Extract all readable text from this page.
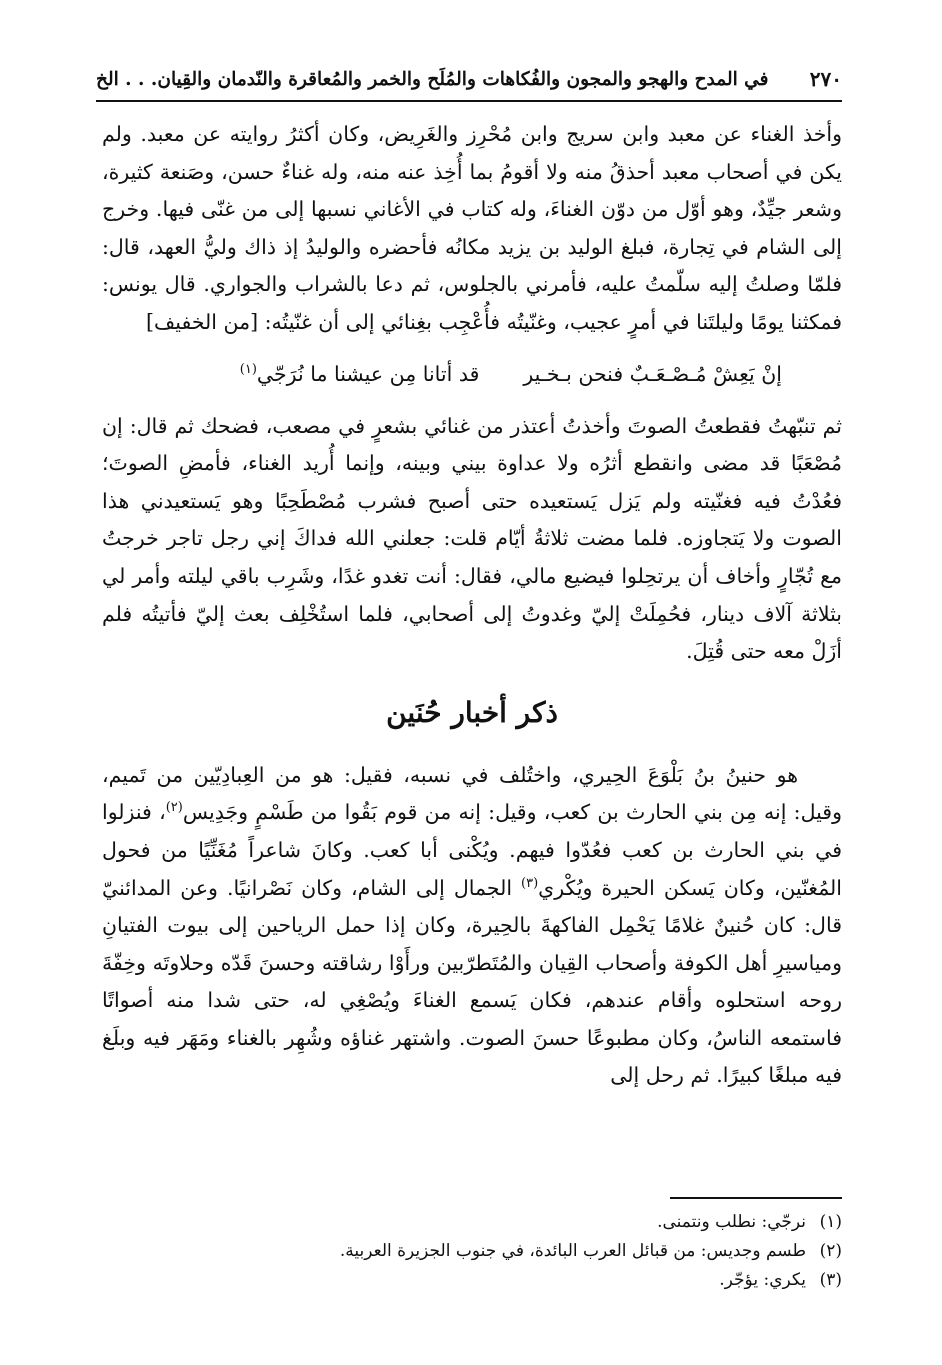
٢٧٠
في المدح والهجو والمجون والفُكاهات والمُلَح والخمر والمُعاقرة والنّدمان والقِيان. . . الخ

وأخذ الغناء عن معبد وابن سريج وابن مُحْرِز والغَرِيض، وكان أكثرُ روايته عن معبد. ولم يكن في أصحاب معبد أحذقُ منه ولا أقومُ بما أُخِذ عنه منه، وله غناءٌ حسن، وصَنعة كثيرة، وشعر جيِّدٌ، وهو أوّل من دوّن الغناءَ، وله كتاب في الأغاني نسبها إلى من غنّى فيها. وخرج إلى الشام في تِجارة، فبلغ الوليد بن يزيد مكانُه فأحضره والوليدُ إذ ذاك وليُّ العهد، قال: فلمّا وصلتُ إليه سلّمتُ عليه، فأمرني بالجلوس، ثم دعا بالشراب والجواري. قال يونس: فمكثنا يومًا وليلتَنا في أمرٍ عجيب، وغنّيتُه فأُعْجِب بغِنائي إلى أن غنّيتُه: [من الخفيف]

إنْ يَعِشْ مُـصْـعَـبٌ فنحن بـخـير
قد أتانا مِن عيشنا ما نُرَجّي$^{(١)}$

ثم تنبّهتُ فقطعتُ الصوتَ وأخذتُ أعتذر من غنائي بشعرٍ في مصعب، فضحك ثم قال: إن مُصْعَبًا قد مضى وانقطع أثرُه ولا عداوة بيني وبينه، وإنما أُريد الغناء، فأمضِ الصوتَ؛ فعُدْتُ فيه فغنّيته ولم يَزل يَستعيده حتى أصبح فشرب مُصْطَحِبًا وهو يَستعيدني هذا الصوت ولا يَتجاوزه. فلما مضت ثلاثةُ أيّام قلت: جعلني الله فداكَ إني رجل تاجر خرجتُ مع تُجّارٍ وأخاف أن يرتحِلوا فيضيع مالي، فقال: أنت تغدو غدًا، وشَرِب باقي ليلته وأمر لي بثلاثة آلاف دينار، فحُمِلَتْ إليّ وغدوتُ إلى أصحابي، فلما استُخْلِف بعث إليّ فأتيتُه فلم أزَلْ معه حتى قُتِلَ.

ذكر أخبار حُنَين

هو حنينُ بنُ بَلْوَعَ الحِيري، واختُلف في نسبه، فقيل: هو من العِبادِيّين من تَميم، وقيل: إنه مِن بني الحارث بن كعب، وقيل: إنه من قوم بَقُوا من طَسْمٍ وجَدِيس$^{(٢)}$، فنزلوا في بني الحارث بن كعب فعُدّوا فيهم. ويُكْنى أبا كعب. وكانَ شاعراً مُغَنِّيًا من فحول المُغنّين، وكان يَسكن الحيرة ويُكْري$^{(٣)}$ الجمال إلى الشام، وكان نَصْرانيًا. وعن المدائنيّ قال: كان حُنينٌ غلامًا يَحْمِل الفاكهةَ بالحِيرة، وكان إذا حمل الرياحين إلى بيوت الفتيانِ ومياسيرِ أهل الكوفة وأصحاب القِيان والمُتَطرّبين ورأَوْا رشاقته وحسنَ قَدّه وحلاوتَه وخِفّةَ روحه استحلوه وأقام عندهم، فكان يَسمع الغناءَ ويُصْغِي له، حتى شدا منه أصواتًا فاستمعه الناسُ، وكان مطبوعًا حسنَ الصوت. واشتهر غناؤه وشُهِر بالغناء ومَهَر فيه وبلَغ فيه مبلغًا كبيرًا. ثم رحل إلى

(١)
نرجّي: نطلب ونتمنى.
(٢)
طسم وجديس: من قبائل العرب البائدة، في جنوب الجزيرة العربية.
(٣)
يكري: يؤجّر.
